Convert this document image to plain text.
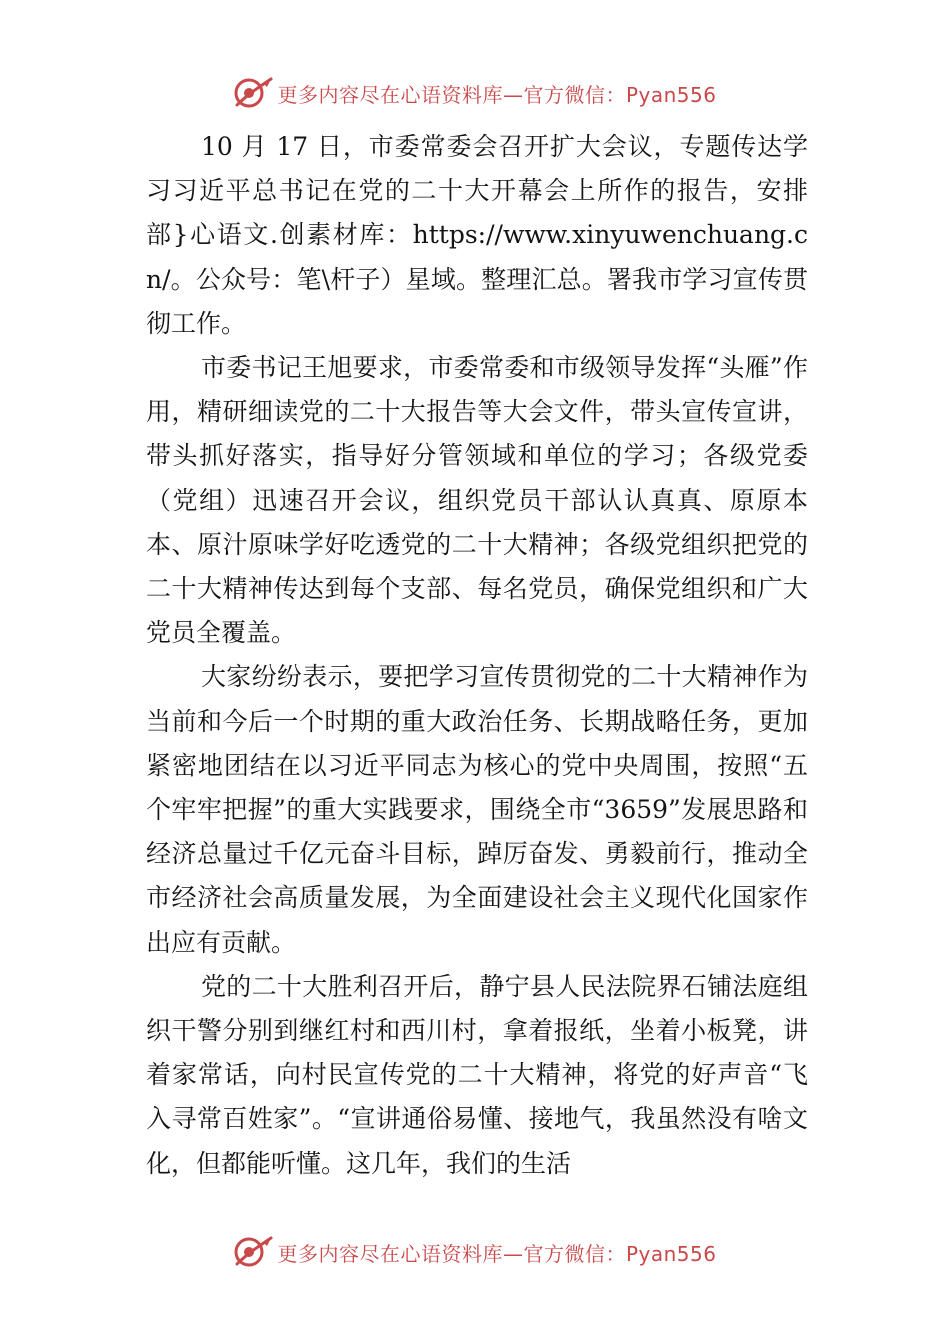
更多内容尽在心语资料库—官方微信：Pyan556

10 月 17 日，市委常委会召开扩大会议，专题传达学习习近平总书记在党的二十大开幕会上所作的报告，安排部}心语文.创素材库：https://www.xinyuwenchuang.cn/。公众号：笔\杆子）星域。整理汇总。署我市学习宣传贯彻工作。

市委书记王旭要求，市委常委和市级领导发挥“头雁”作用，精研细读党的二十大报告等大会文件，带头宣传宣讲，带头抓好落实，指导好分管领域和单位的学习；各级党委（党组）迅速召开会议，组织党员干部认认真真、原原本本、原汁原味学好吃透党的二十大精神；各级党组织把党的二十大精神传达到每个支部、每名党员，确保党组织和广大党员全覆盖。

大家纷纷表示，要把学习宣传贯彻党的二十大精神作为当前和今后一个时期的重大政治任务、长期战略任务，更加紧密地团结在以习近平同志为核心的党中央周围，按照“五个牢牢把握”的重大实践要求，围绕全市“3659”发展思路和经济总量过千亿元奋斗目标，踔厉奋发、勇毅前行，推动全市经济社会高质量发展，为全面建设社会主义现代化国家作出应有贡献。

党的二十大胜利召开后，静宁县人民法院界石铺法庭组织干警分别到继红村和西川村，拿着报纸，坐着小板凳，讲着家常话，向村民宣传党的二十大精神，将党的好声音“飞入寻常百姓家”。“宣讲通俗易懂、接地气，我虽然没有啥文化，但都能听懂。这几年，我们的生活

更多内容尽在心语资料库—官方微信：Pyan556
